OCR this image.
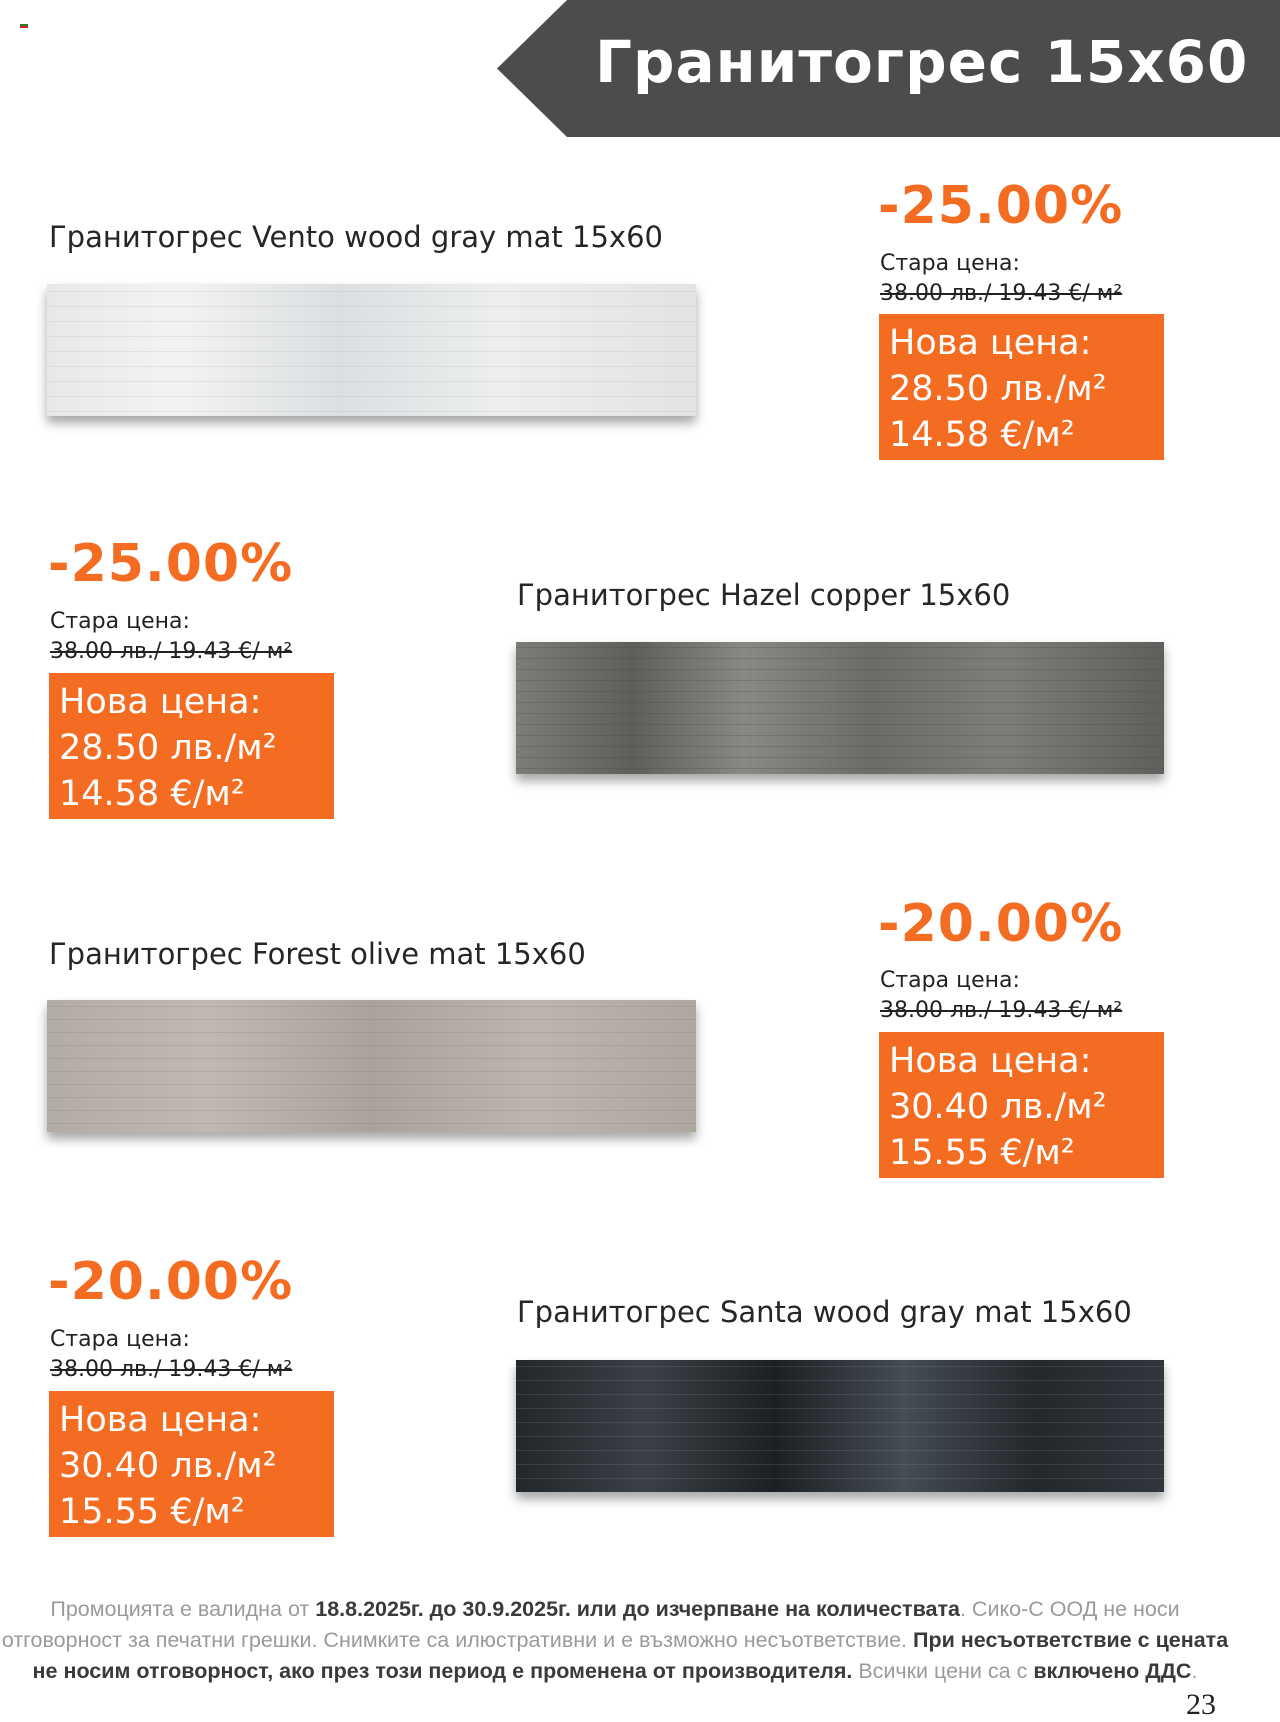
Гранитогрес 15x60
Гранитогрес Vento wood gray mat 15x60
-25.00%
Стара цена:
38.00 лв./ 19.43 €/ м²
Нова цена:
28.50 лв./м²
14.58 €/м²
-25.00%
Стара цена:
38.00 лв./ 19.43 €/ м²
Нова цена:
28.50 лв./м²
14.58 €/м²
Гранитогрес Hazel copper 15x60
Гранитогрес Forest olive mat 15x60	-20.00%
Стара цена:
38.00 лв./ 19.43 €/ м²
Нова цена:
30.40 лв./м²
15.55 €/м²
-20.00%
Стара цена:
38.00 лв./ 19.43 €/ м²
Нова цена:
30.40 лв./м²
15.55 €/м²
Гранитогрес Santa wood gray mat 15x60
Промоцията е валидна от 18.8.2025г. до 30.9.2025г. или до изчерпване на количествата. Сико-С ООД не носи отговорност за печатни грешки. Снимките са илюстративни и е възможно несъответствие. При несъответствие с цената не носим отговорност, ако през този период е променена от производителя. Всички цени са с включено ДДС.
23
